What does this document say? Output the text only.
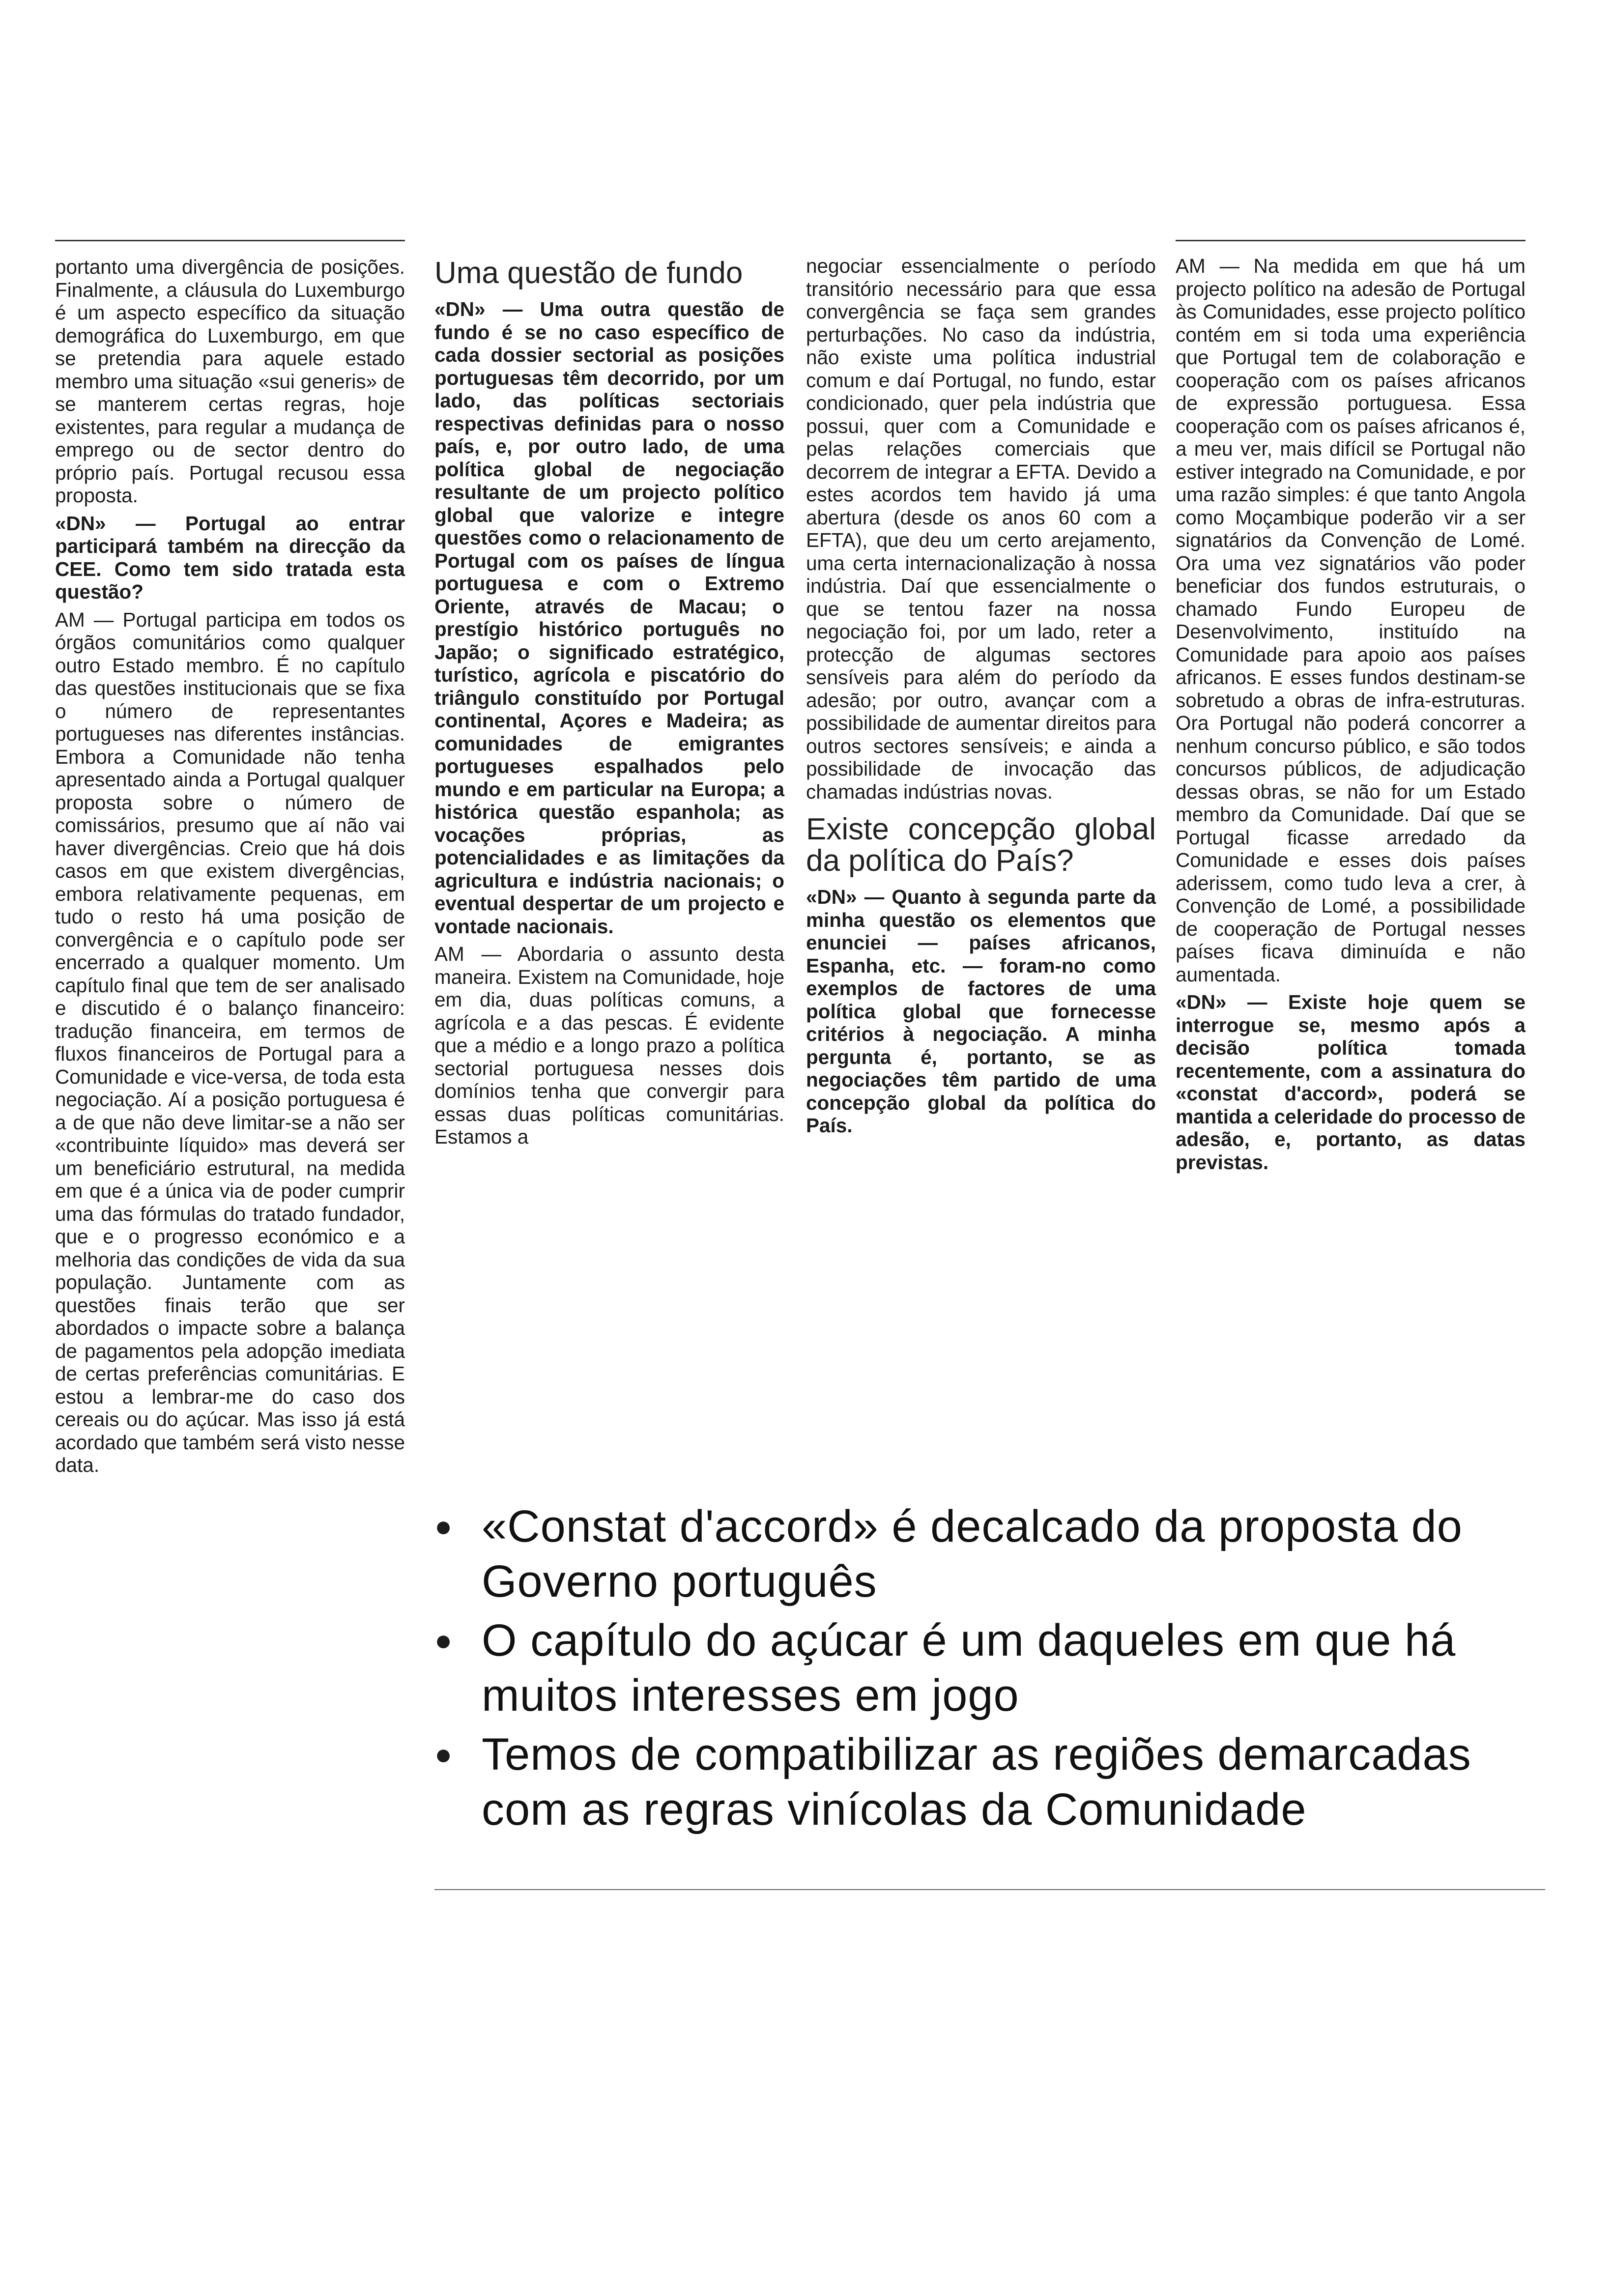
portanto uma divergência de posições. Finalmente, a cláusula do Luxemburgo é um aspecto específico da situação demográfica do Luxemburgo, em que se pretendia para aquele estado membro uma situação «sui generis» de se manterem certas regras, hoje existentes, para regular a mudança de emprego ou de sector dentro do próprio país. Portugal recusou essa proposta.

«DN» — Portugal ao entrar participará também na direcção da CEE. Como tem sido tratada esta questão?

AM — Portugal participa em todos os órgãos comunitários como qualquer outro Estado membro. É no capítulo das questões institucionais que se fixa o número de representantes portugueses nas diferentes instâncias. Embora a Comunidade não tenha apresentado ainda a Portugal qualquer proposta sobre o número de comissários, presumo que aí não vai haver divergências. Creio que há dois casos em que existem divergências, embora relativamente pequenas, em tudo o resto há uma posição de convergência e o capítulo pode ser encerrado a qualquer momento. Um capítulo final que tem de ser analisado e discutido é o balanço financeiro: tradução financeira, em termos de fluxos financeiros de Portugal para a Comunidade e vice-versa, de toda esta negociação. Aí a posição portuguesa é a de que não deve limitar-se a não ser «contribuinte líquido» mas deverá ser um beneficiário estrutural, na medida em que é a única via de poder cumprir uma das fórmulas do tratado fundador, que e o progresso económico e a melhoria das condições de vida da sua população. Juntamente com as questões finais terão que ser abordados o impacte sobre a balança de pagamentos pela adopção imediata de certas preferências comunitárias. E estou a lembrar-me do caso dos cereais ou do açúcar. Mas isso já está acordado que também será visto nesse data.

Uma questão de fundo

«DN» — Uma outra questão de fundo é se no caso específico de cada dossier sectorial as posições portuguesas têm decorrido, por um lado, das políticas sectoriais respectivas definidas para o nosso país, e, por outro lado, de uma política global de negociação resultante de um projecto político global que valorize e integre questões como o relacionamento de Portugal com os países de língua portuguesa e com o Extremo Oriente, através de Macau; o prestígio histórico português no Japão; o significado estratégico, turístico, agrícola e piscatório do triângulo constituído por Portugal continental, Açores e Madeira; as comunidades de emigrantes portugueses espalhados pelo mundo e em particular na Europa; a histórica questão espanhola; as vocações próprias, as potencialidades e as limitações da agricultura e indústria nacionais; o eventual despertar de um projecto e vontade nacionais.

AM — Abordaria o assunto desta maneira. Existem na Comunidade, hoje em dia, duas políticas comuns, a agrícola e a das pescas. É evidente que a médio e a longo prazo a política sectorial portuguesa nesses dois domínios tenha que convergir para essas duas políticas comunitárias. Estamos a

negociar essencialmente o período transitório necessário para que essa convergência se faça sem grandes perturbações. No caso da indústria, não existe uma política industrial comum e daí Portugal, no fundo, estar condicionado, quer pela indústria que possui, quer com a Comunidade e pelas relações comerciais que decorrem de integrar a EFTA. Devido a estes acordos tem havido já uma abertura (desde os anos 60 com a EFTA), que deu um certo arejamento, uma certa internacionalização à nossa indústria. Daí que essencialmente o que se tentou fazer na nossa negociação foi, por um lado, reter a protecção de algumas sectores sensíveis para além do período da adesão; por outro, avançar com a possibilidade de aumentar direitos para outros sectores sensíveis; e ainda a possibilidade de invocação das chamadas indústrias novas.

Existe concepção global da política do País?

«DN» — Quanto à segunda parte da minha questão os elementos que enunciei — países africanos, Espanha, etc. — foram-no como exemplos de factores de uma política global que fornecesse critérios à negociação. A minha pergunta é, portanto, se as negociações têm partido de uma concepção global da política do País.

AM — Na medida em que há um projecto político na adesão de Portugal às Comunidades, esse projecto político contém em si toda uma experiência que Portugal tem de colaboração e cooperação com os países africanos de expressão portuguesa. Essa cooperação com os países africanos é, a meu ver, mais difícil se Portugal não estiver integrado na Comunidade, e por uma razão simples: é que tanto Angola como Moçambique poderão vir a ser signatários da Convenção de Lomé. Ora uma vez signatários vão poder beneficiar dos fundos estruturais, o chamado Fundo Europeu de Desenvolvimento, instituído na Comunidade para apoio aos países africanos. E esses fundos destinam-se sobretudo a obras de infra-estruturas. Ora Portugal não poderá concorrer a nenhum concurso público, e são todos concursos públicos, de adjudicação dessas obras, se não for um Estado membro da Comunidade. Daí que se Portugal ficasse arredado da Comunidade e esses dois países aderissem, como tudo leva a crer, à Convenção de Lomé, a possibilidade de cooperação de Portugal nesses países ficava diminuída e não aumentada.

«DN» — Existe hoje quem se interrogue se, mesmo após a decisão política tomada recentemente, com a assinatura do «constat d'accord», poderá se mantida a celeridade do processo de adesão, e, portanto, as datas previstas.

● «Constat d'accord» é decalcado da proposta do Governo português
● O capítulo do açúcar é um daqueles em que há muitos interesses em jogo
● Temos de compatibilizar as regiões demarcadas com as regras vinícolas da Comunidade
